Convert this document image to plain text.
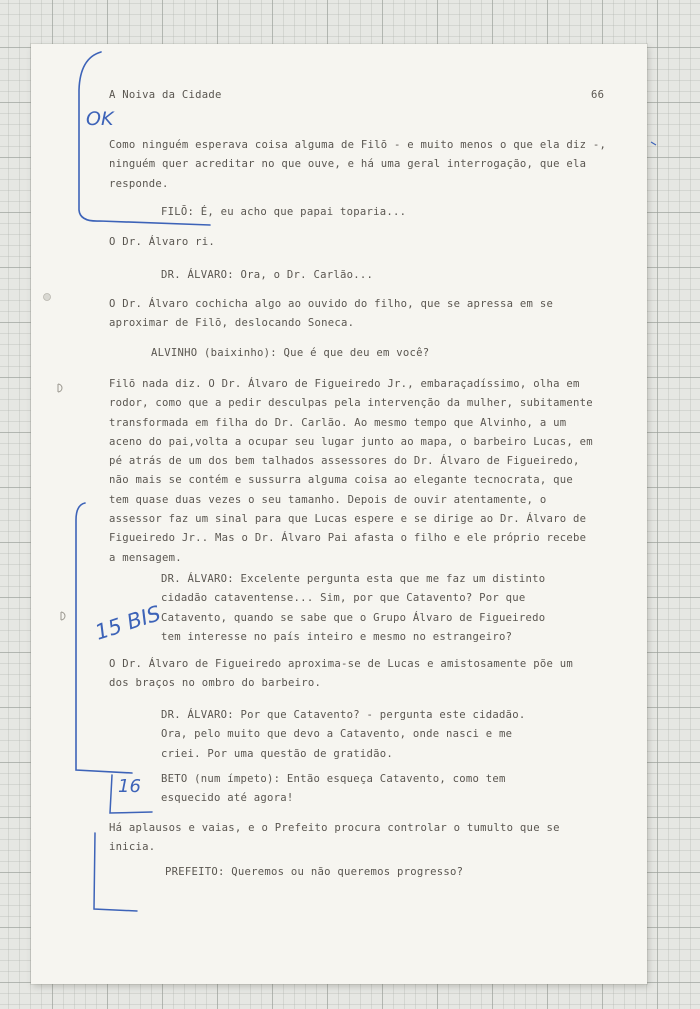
A Noiva da Cidade	66

Como ninguém esperava coisa alguma de Filō - e muito menos o que ela diz -,
ninguém quer acreditar no que ouve, e há uma geral interrogação, que ela
responde.
FILŌ: É, eu acho que papai toparia...
O Dr. Álvaro ri.
DR. ÁLVARO: Ora, o Dr. Carlão...
O Dr. Álvaro cochicha algo ao ouvido do filho, que se apressa em se
aproximar de Filō, deslocando Soneca.
ALVINHO (baixinho): Que é que deu em você?
Filō nada diz. O Dr. Álvaro de Figueiredo Jr., embaraçadíssimo, olha em
rodor, como que a pedir desculpas pela intervenção da mulher, subitamente
transformada em filha do Dr. Carlão. Ao mesmo tempo que Alvinho, a um
aceno do pai,volta a ocupar seu lugar junto ao mapa, o barbeiro Lucas, em
pé atrás de um dos bem talhados assessores do Dr. Álvaro de Figueiredo,
não mais se contém e sussurra alguma coisa ao elegante tecnocrata, que
tem quase duas vezes o seu tamanho. Depois de ouvir atentamente, o
assessor faz um sinal para que Lucas espere e se dirige ao Dr. Álvaro de
Figueiredo Jr.. Mas o Dr. Álvaro Pai afasta o filho e ele próprio recebe
a mensagem.
DR. ÁLVARO: Excelente pergunta esta que me faz um distinto
cidadão cataventense... Sim, por que Catavento? Por que
Catavento, quando se sabe que o Grupo Álvaro de Figueiredo
tem interesse no país inteiro e mesmo no estrangeiro?
O Dr. Álvaro de Figueiredo aproxima-se de Lucas e amistosamente põe um
dos braços no ombro do barbeiro.
DR. ÁLVARO: Por que Catavento? - pergunta este cidadão.
Ora, pelo muito que devo a Catavento, onde nasci e me
criei. Por uma questão de gratidão.
BETO (num ímpeto): Então esqueça Catavento, como tem
esquecido até agora!
Há aplausos e vaias, e o Prefeito procura controlar o tumulto que se
inicia.
PREFEITO: Queremos ou não queremos progresso?
OK
15 BIS
16
